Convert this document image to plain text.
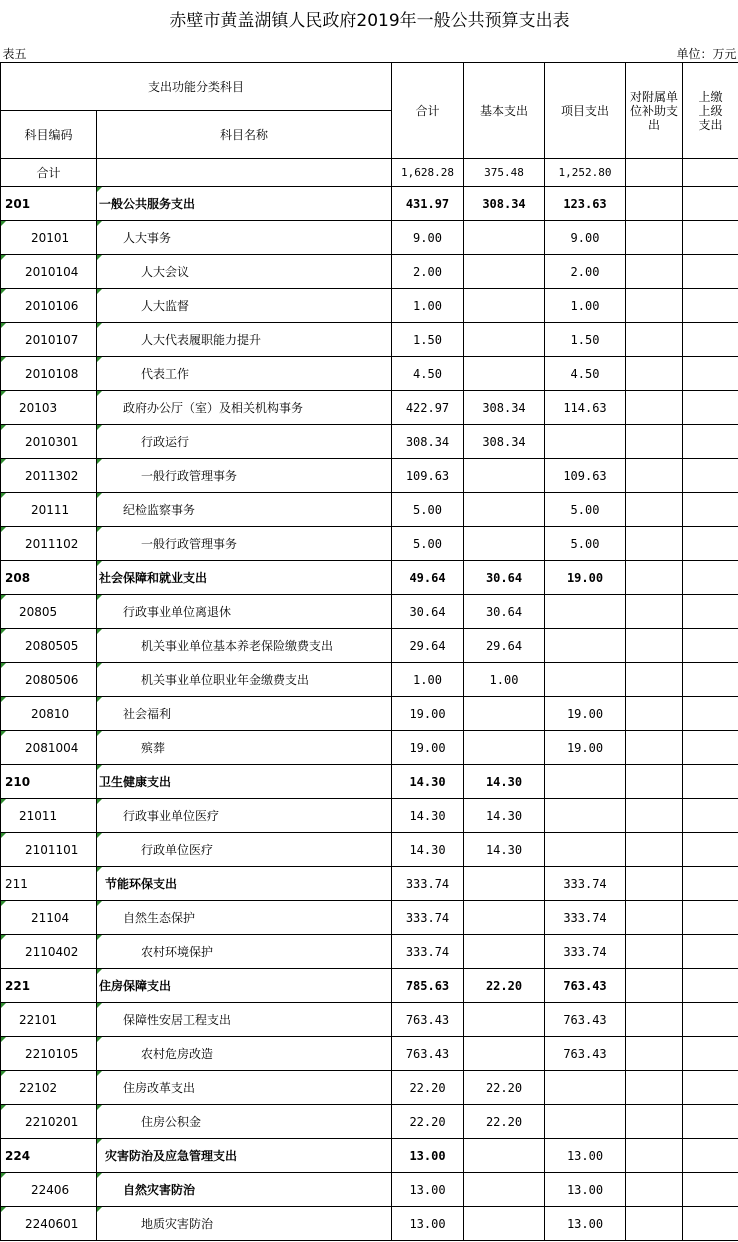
赤壁市黄盖湖镇人民政府2019年一般公共预算支出表						
表五					单位：万元	
支出功能分类科目		合计	基本支出	项目支出	对附属单位补助支出	上缴上级支出
科目编码	科目名称					
合计		1,628.28	375.48	1,252.80		
201	一般公共服务支出	431.97	308.34	123.63		
20101	人大事务	9.00		9.00		
2010104	人大会议	2.00		2.00		
2010106	人大监督	1.00		1.00		
2010107	人大代表履职能力提升	1.50		1.50		
2010108	代表工作	4.50		4.50		
20103	政府办公厅（室）及相关机构事务	422.97	308.34	114.63		
2010301	行政运行	308.34	308.34			
2011302	一般行政管理事务	109.63		109.63		
20111	纪检监察事务	5.00		5.00		
2011102	一般行政管理事务	5.00		5.00		
208	社会保障和就业支出	49.64	30.64	19.00		
20805	行政事业单位离退休	30.64	30.64			
2080505	机关事业单位基本养老保险缴费支出	29.64	29.64			
2080506	机关事业单位职业年金缴费支出	1.00	1.00			
20810	社会福利	19.00		19.00		
2081004	殡葬	19.00		19.00		
210	卫生健康支出	14.30	14.30			
21011	行政事业单位医疗	14.30	14.30			
2101101	行政单位医疗	14.30	14.30			
211	节能环保支出	333.74		333.74		
21104	自然生态保护	333.74		333.74		
2110402	农村环境保护	333.74		333.74		
221	住房保障支出	785.63	22.20	763.43		
22101	保障性安居工程支出	763.43		763.43		
2210105	农村危房改造	763.43		763.43		
22102	住房改革支出	22.20	22.20			
2210201	住房公积金	22.20	22.20			
224	灾害防治及应急管理支出	13.00		13.00		
22406	自然灾害防治	13.00		13.00		
2240601	地质灾害防治	13.00		13.00		
